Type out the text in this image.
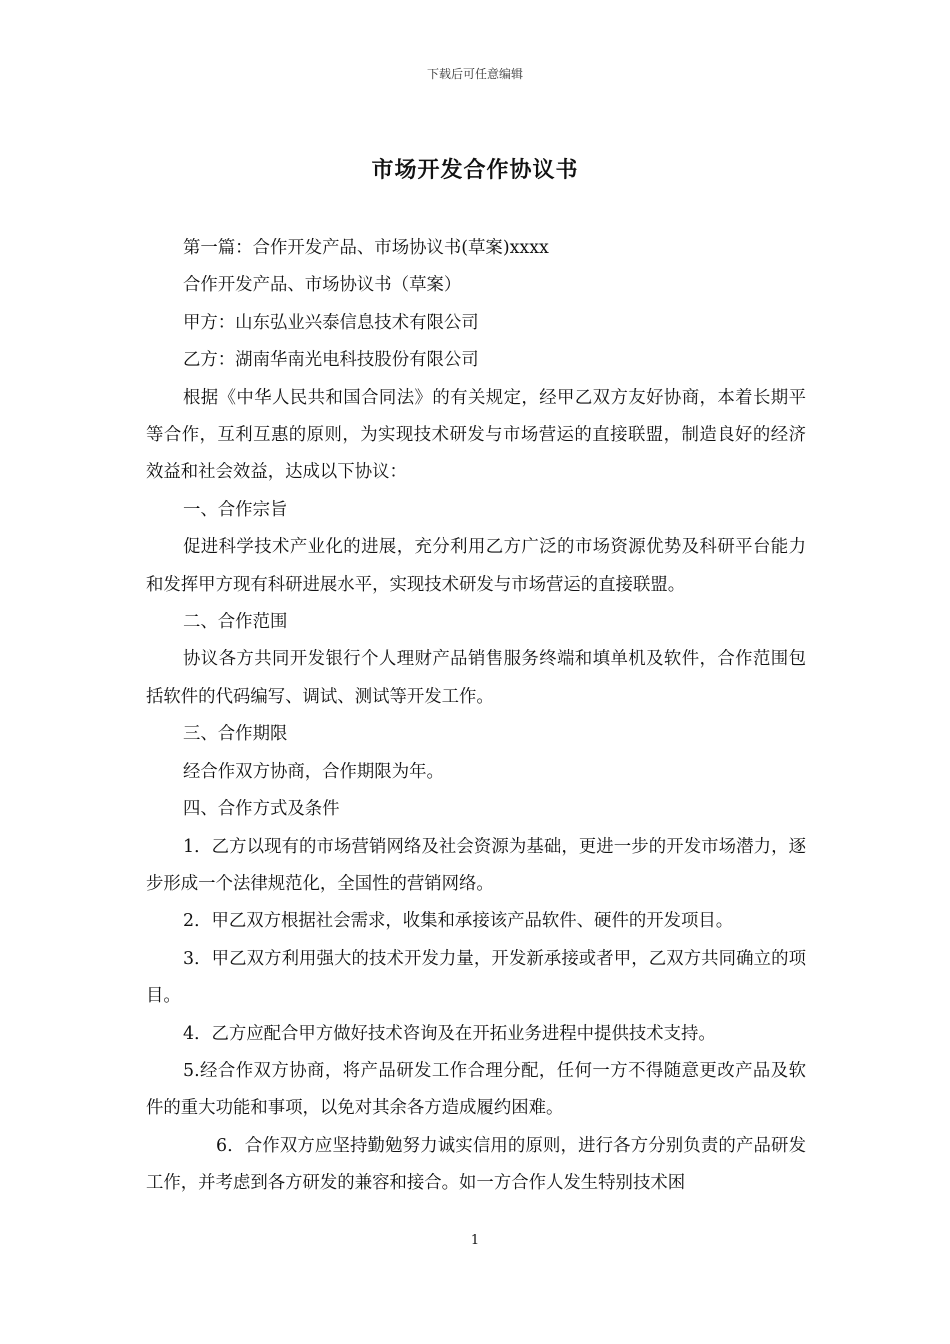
下载后可任意编辑
市场开发合作协议书

第一篇：合作开发产品、市场协议书(草案)xxxx

合作开发产品、市场协议书（草案）

甲方：山东弘业兴泰信息技术有限公司

乙方：湖南华南光电科技股份有限公司

根据《中华人民共和国合同法》的有关规定，经甲乙双方友好协商，本着长期平等合作，互利互惠的原则，为实现技术研发与市场营运的直接联盟，制造良好的经济效益和社会效益，达成以下协议：

一、合作宗旨

促进科学技术产业化的进展，充分利用乙方广泛的市场资源优势及科研平台能力和发挥甲方现有科研进展水平，实现技术研发与市场营运的直接联盟。

二、合作范围

协议各方共同开发银行个人理财产品销售服务终端和填单机及软件，合作范围包括软件的代码编写、调试、测试等开发工作。

三、合作期限

经合作双方协商，合作期限为年。

四、合作方式及条件

1．乙方以现有的市场营销网络及社会资源为基础，更进一步的开发市场潜力，逐步形成一个法律规范化，全国性的营销网络。

2．甲乙双方根据社会需求，收集和承接该产品软件、硬件的开发项目。

3．甲乙双方利用强大的技术开发力量，开发新承接或者甲，乙双方共同确立的项目。

4．乙方应配合甲方做好技术咨询及在开拓业务进程中提供技术支持。

5.经合作双方协商，将产品研发工作合理分配，任何一方不得随意更改产品及软件的重大功能和事项，以免对其余各方造成履约困难。

6．合作双方应坚持勤勉努力诚实信用的原则，进行各方分别负责的产品研发工作，并考虑到各方研发的兼容和接合。如一方合作人发生特别技术困

1
